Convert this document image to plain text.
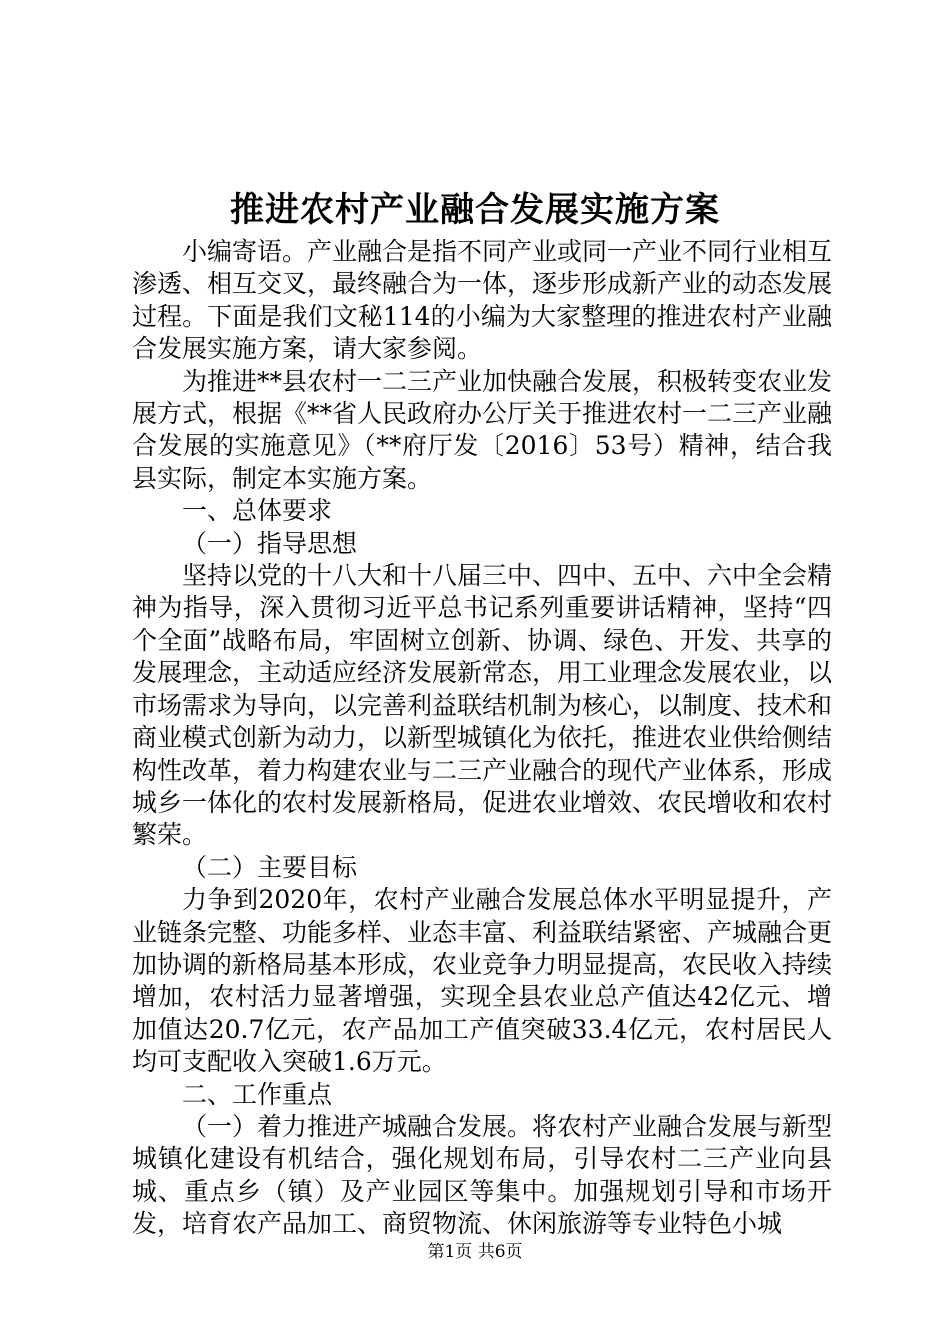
推进农村产业融合发展实施方案

小编寄语。产业融合是指不同产业或同一产业不同行业相互渗透、相互交叉，最终融合为一体，逐步形成新产业的动态发展过程。下面是我们文秘114的小编为大家整理的推进农村产业融合发展实施方案，请大家参阅。

为推进**县农村一二三产业加快融合发展，积极转变农业发展方式，根据《**省人民政府办公厅关于推进农村一二三产业融合发展的实施意见》（**府厅发〔2016〕53号）精神，结合我县实际，制定本实施方案。

一、总体要求

（一）指导思想

坚持以党的十八大和十八届三中、四中、五中、六中全会精神为指导，深入贯彻习近平总书记系列重要讲话精神，坚持“四个全面”战略布局，牢固树立创新、协调、绿色、开发、共享的发展理念，主动适应经济发展新常态，用工业理念发展农业，以市场需求为导向，以完善利益联结机制为核心，以制度、技术和商业模式创新为动力，以新型城镇化为依托，推进农业供给侧结构性改革，着力构建农业与二三产业融合的现代产业体系，形成城乡一体化的农村发展新格局，促进农业增效、农民增收和农村繁荣。

（二）主要目标

力争到2020年，农村产业融合发展总体水平明显提升，产业链条完整、功能多样、业态丰富、利益联结紧密、产城融合更加协调的新格局基本形成，农业竞争力明显提高，农民收入持续增加，农村活力显著增强，实现全县农业总产值达42亿元、增加值达20.7亿元，农产品加工产值突破33.4亿元，农村居民人均可支配收入突破1.6万元。

二、工作重点

（一）着力推进产城融合发展。将农村产业融合发展与新型城镇化建设有机结合，强化规划布局，引导农村二三产业向县城、重点乡（镇）及产业园区等集中。加强规划引导和市场开发，培育农产品加工、商贸物流、休闲旅游等专业特色小城

第1页 共6页
